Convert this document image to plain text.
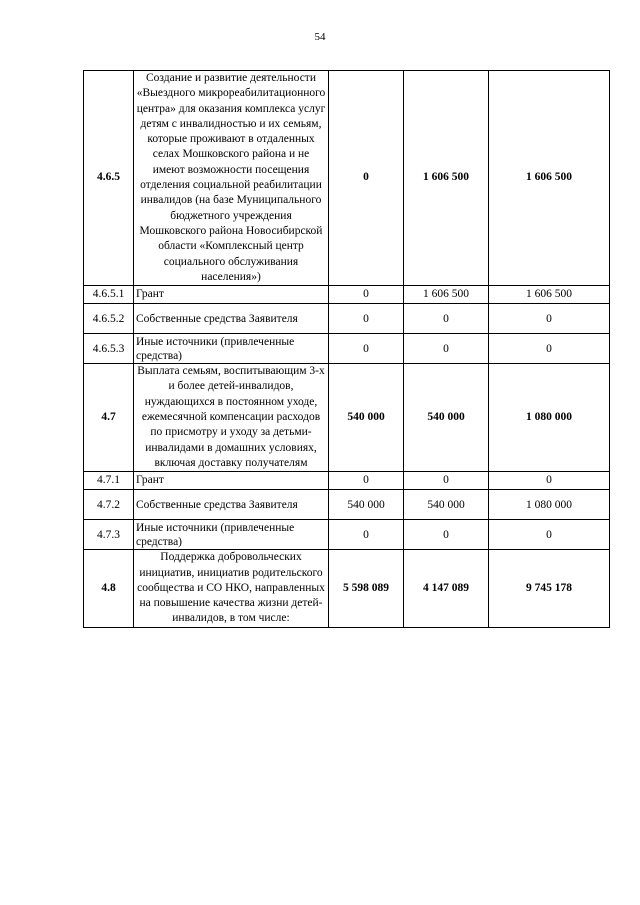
54
4.6.5	Создание и развитие деятельности «Выездного микрореабилитационного центра» для оказания комплекса услуг детям с инвалидностью и их семьям, которые проживают в отдаленных селах Мошковского района и не имеют возможности посещения отделения социальной реабилитации инвалидов (на базе Муниципального бюджетного учреждения Мошковского района Новосибирской области «Комплексный центр социального обслуживания населения»)	0	1 606 500	1 606 500
4.6.5.1	Грант	0	1 606 500	1 606 500
4.6.5.2	Собственные средства Заявителя	0	0	0
4.6.5.3	Иные источники (привлеченные средства)	0	0	0
4.7	Выплата семьям, воспитывающим 3-х и более детей-инвалидов, нуждающихся в постоянном уходе, ежемесячной компенсации расходов по присмотру и уходу за детьми-инвалидами в домашних условиях, включая доставку получателям	540 000	540 000	1 080 000
4.7.1	Грант	0	0	0
4.7.2	Собственные средства Заявителя	540 000	540 000	1 080 000
4.7.3	Иные источники (привлеченные средства)	0	0	0
4.8	Поддержка добровольческих инициатив, инициатив родительского сообщества и СО НКО, направленных на повышение качества жизни детей-инвалидов, в том числе:	5 598 089	4 147 089	9 745 178
